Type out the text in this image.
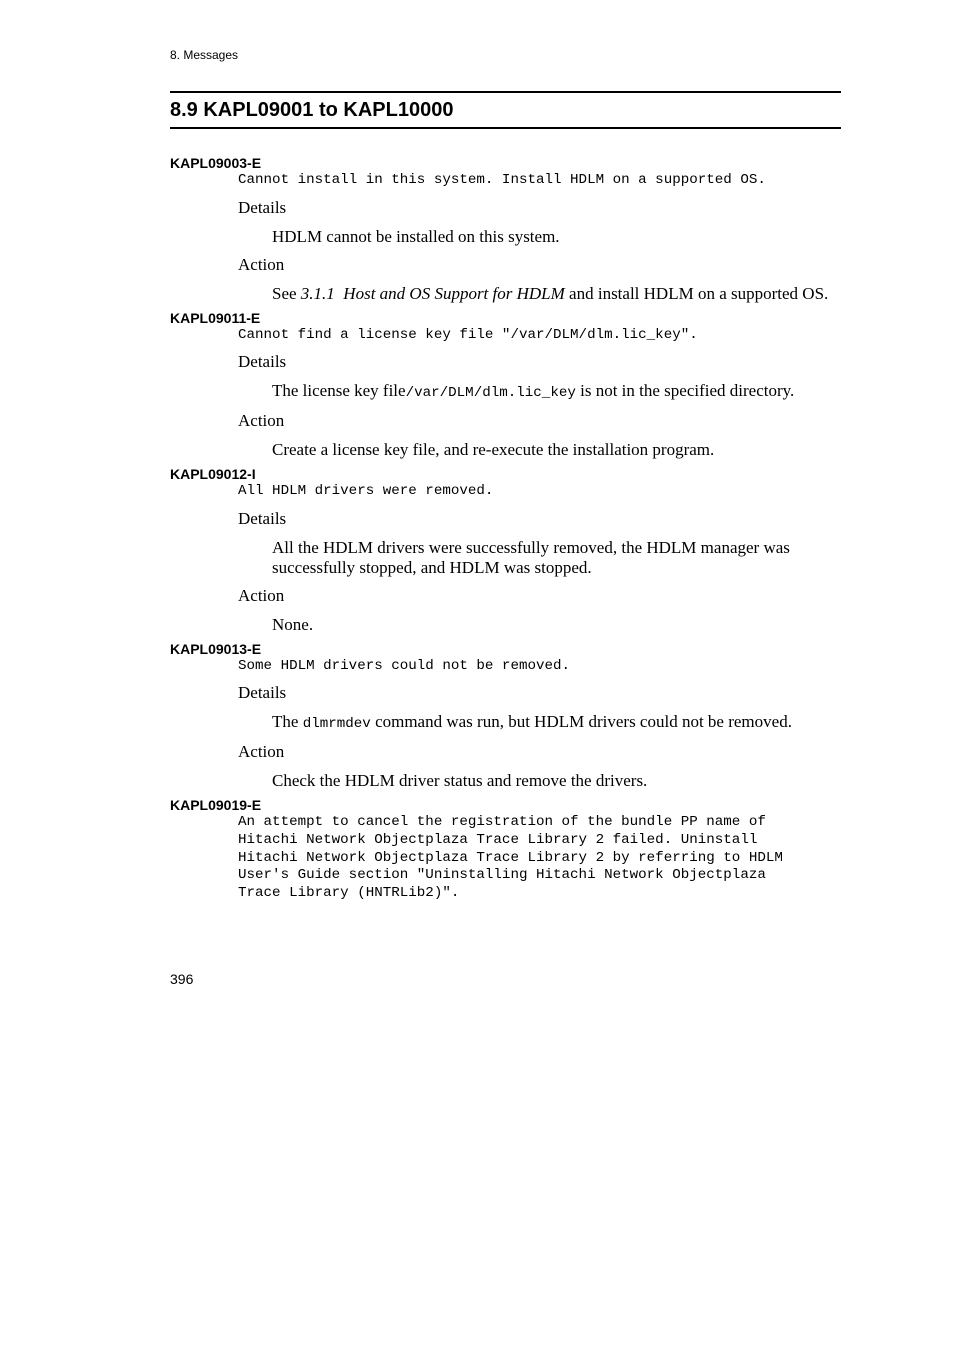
8. Messages
8.9 KAPL09001 to KAPL10000
KAPL09003-E
Cannot install in this system. Install HDLM on a supported OS.
Details
HDLM cannot be installed on this system.
Action
See 3.1.1 Host and OS Support for HDLM and install HDLM on a supported OS.
KAPL09011-E
Cannot find a license key file "/var/DLM/dlm.lic_key".
Details
The license key file/var/DLM/dlm.lic_key is not in the specified directory.
Action
Create a license key file, and re-execute the installation program.
KAPL09012-I
All HDLM drivers were removed.
Details
All the HDLM drivers were successfully removed, the HDLM manager was successfully stopped, and HDLM was stopped.
Action
None.
KAPL09013-E
Some HDLM drivers could not be removed.
Details
The dlmrmdev command was run, but HDLM drivers could not be removed.
Action
Check the HDLM driver status and remove the drivers.
KAPL09019-E
An attempt to cancel the registration of the bundle PP name of
Hitachi Network Objectplaza Trace Library 2 failed. Uninstall
Hitachi Network Objectplaza Trace Library 2 by referring to HDLM
User's Guide section "Uninstalling Hitachi Network Objectplaza
Trace Library (HNTRLib2)".
396
